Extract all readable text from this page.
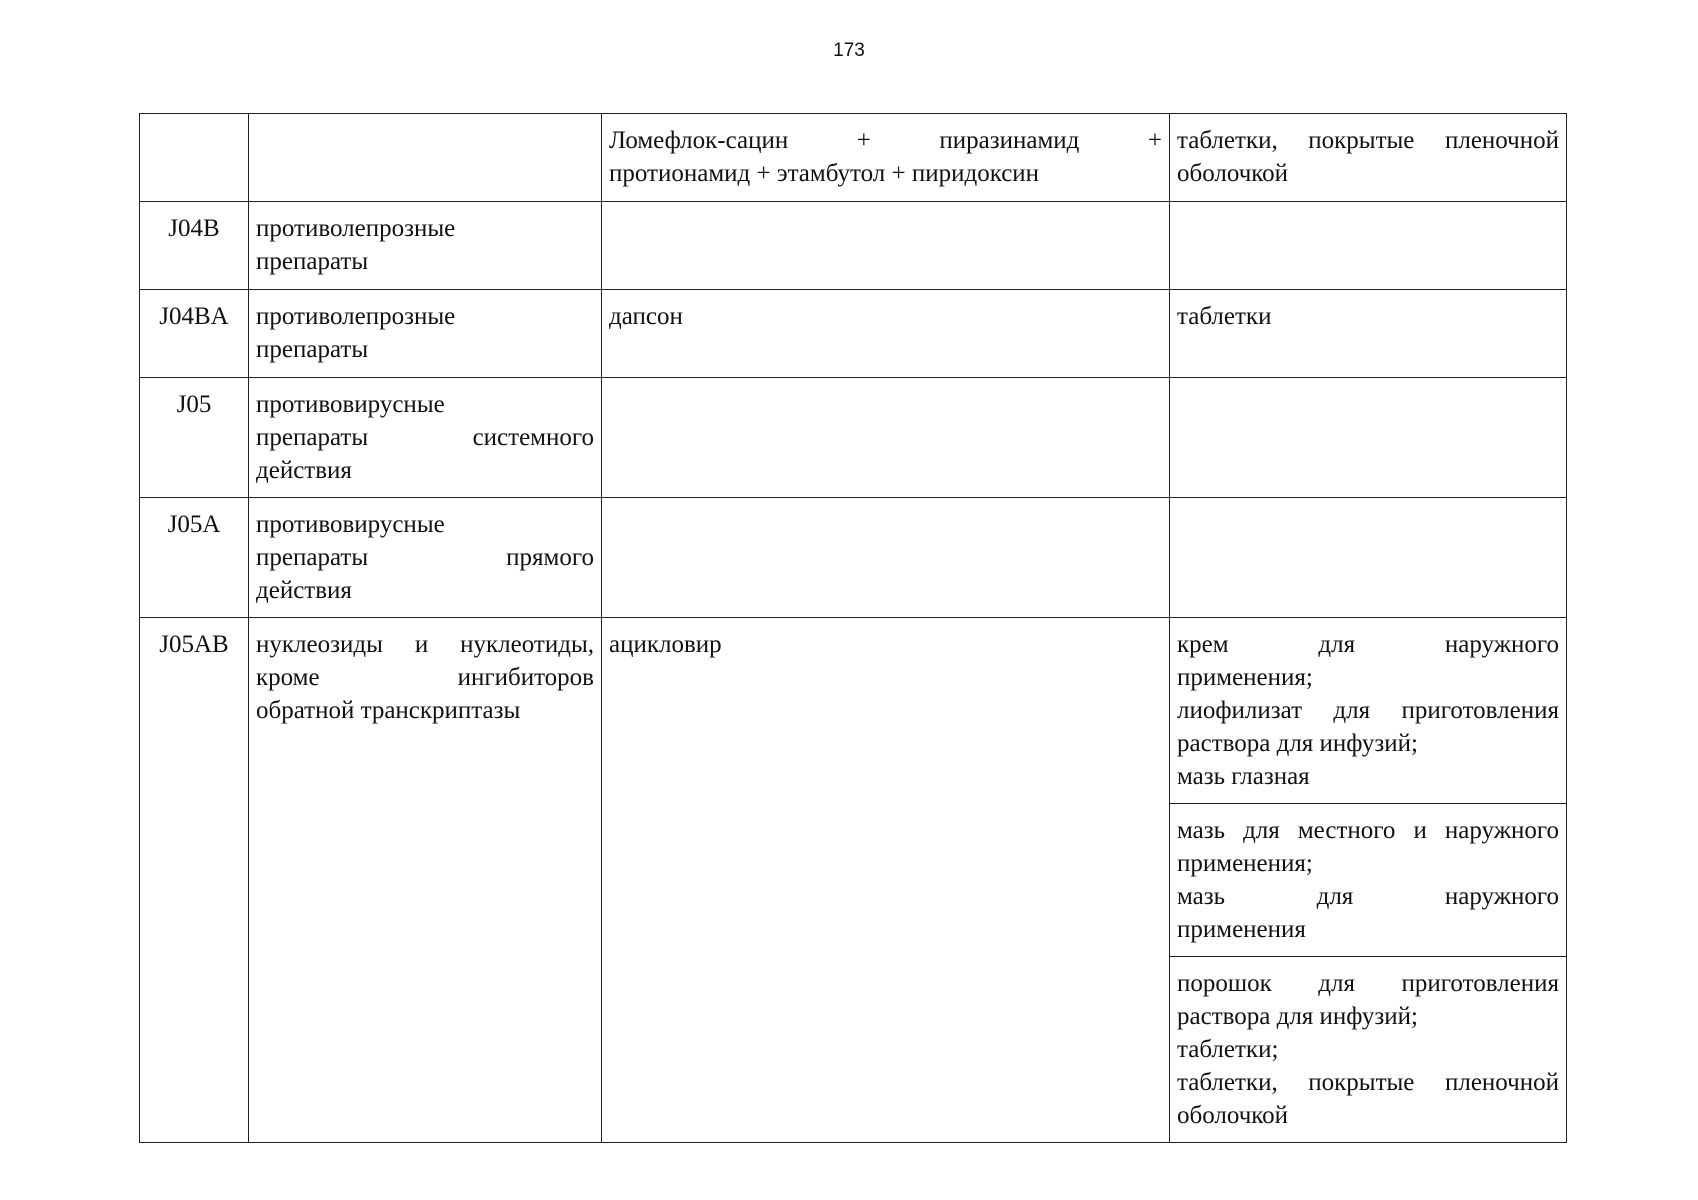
173

		Ломефлок-сацин + пиразинамид +
протионамид + этамбутол + пиридоксин	таблетки, покрытые пленочной
оболочкой

J04B	противолепрозные
препараты		

J04BA	противолепрозные
препараты	дапсон	таблетки
J05	противовирусные
препараты системного
действия		

J05A	противовирусные
препараты прямого
действия		

J05AB	нуклеозиды и нуклеотиды,
кроме ингибиторов
обратной транскриптазы	ацикловир	крем для наружного
применения;
лиофилизат для приготовления
раствора для инфузий;
мазь глазная

			мазь для местного и наружного
применения;
мазь для наружного
применения

			порошок для приготовления
раствора для инфузий;
таблетки;
таблетки, покрытые пленочной
оболочкой
